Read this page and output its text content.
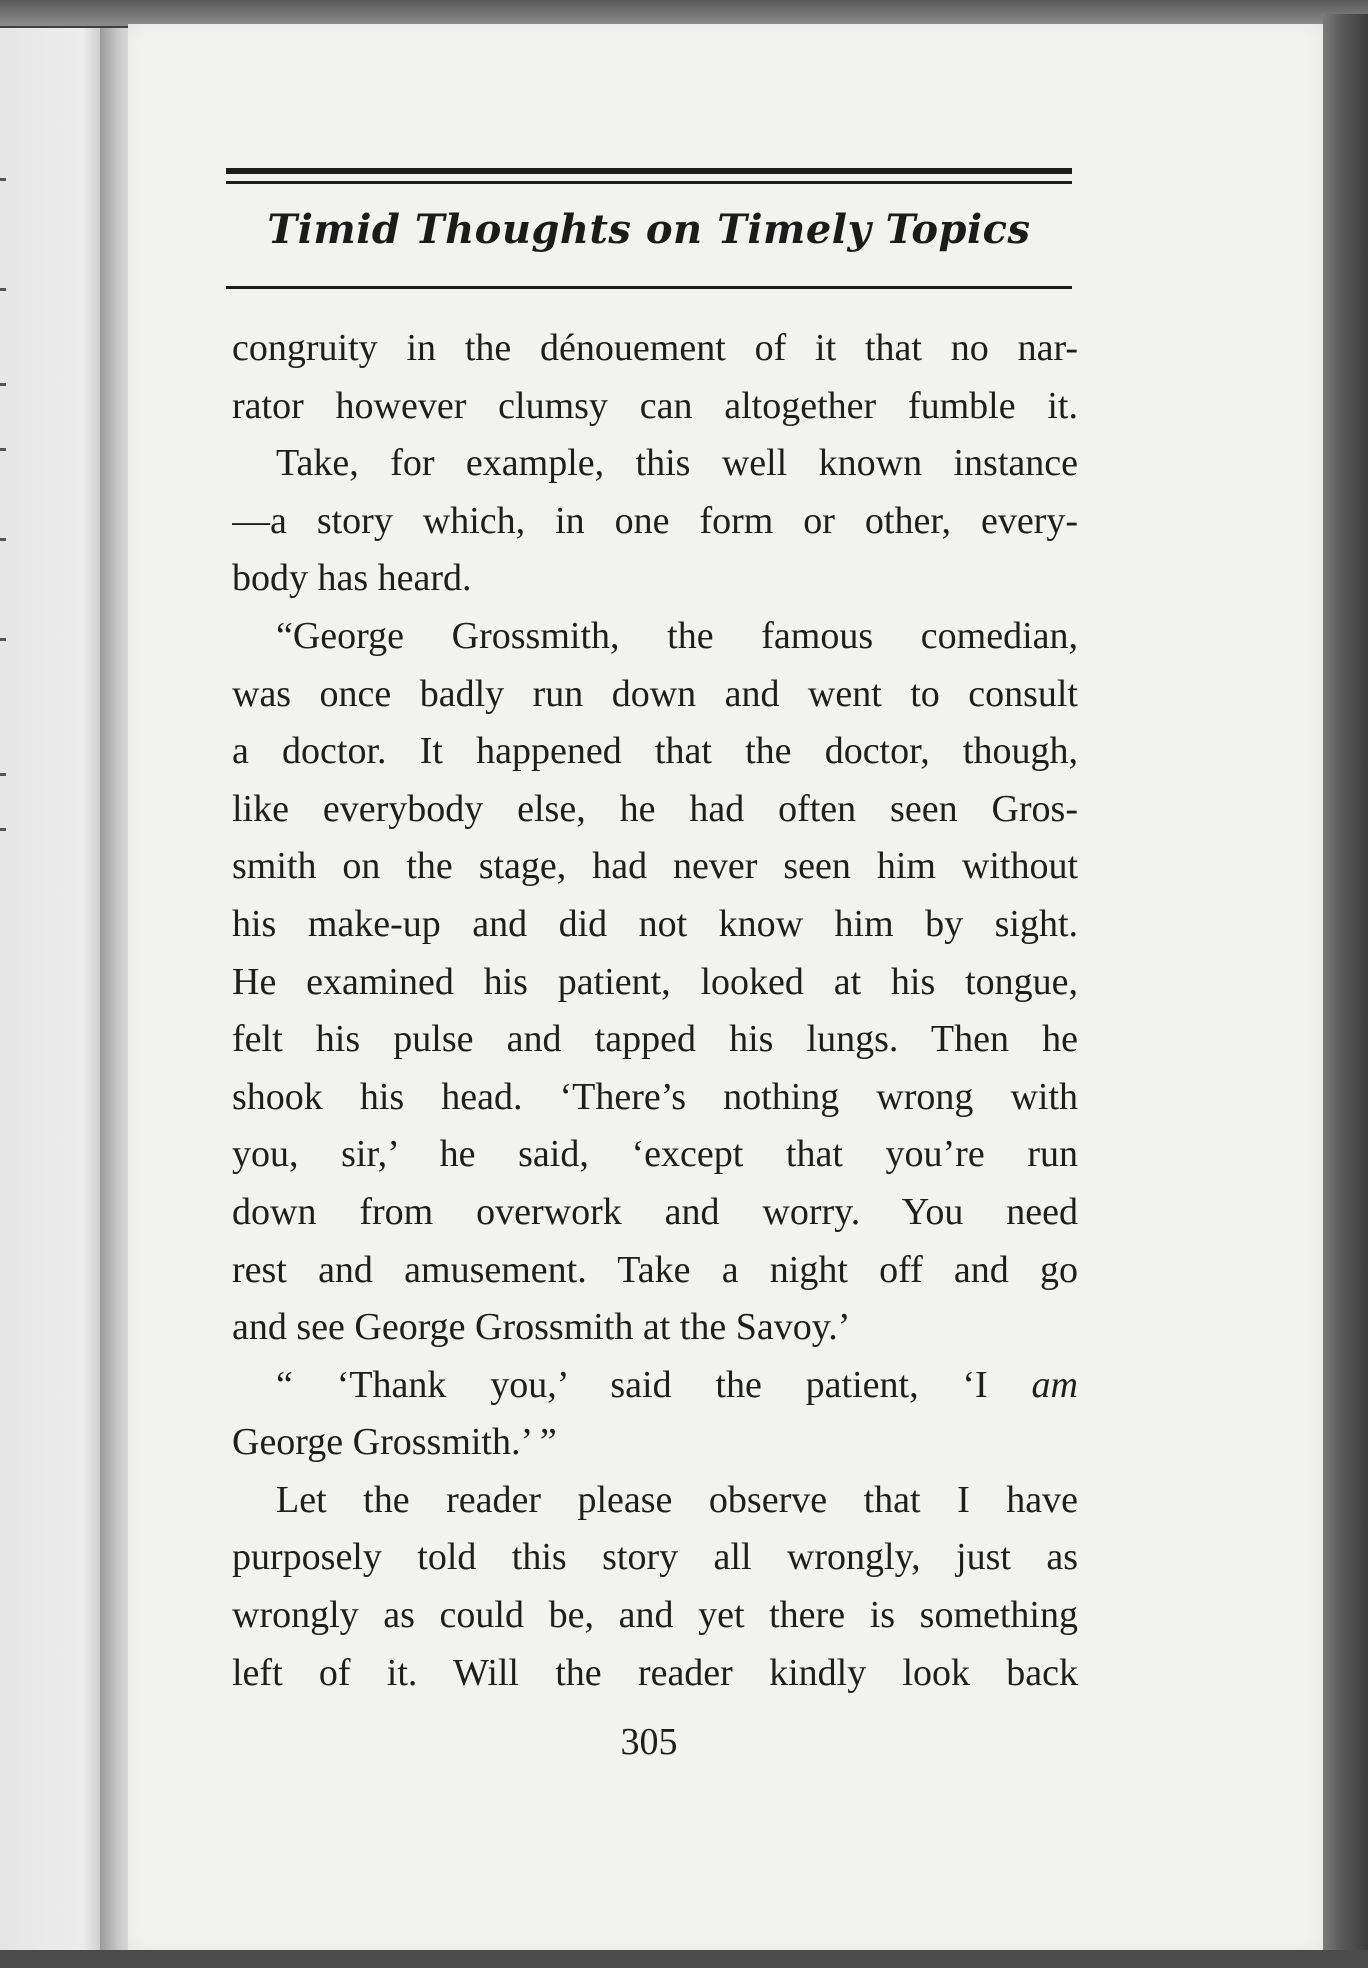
Timid Thoughts on Timely Topics
congruity in the dénouement of it that no nar-
rator however clumsy can altogether fumble it.
Take, for example, this well known instance
—a story which, in one form or other, every-
body has heard.
“George Grossmith, the famous comedian,
was once badly run down and went to consult
a doctor. It happened that the doctor, though,
like everybody else, he had often seen Gros-
smith on the stage, had never seen him without
his make-up and did not know him by sight.
He examined his patient, looked at his tongue,
felt his pulse and tapped his lungs. Then he
shook his head. ‘There’s nothing wrong with
you, sir,’ he said, ‘except that you’re run
down from overwork and worry. You need
rest and amusement. Take a night off and go
and see George Grossmith at the Savoy.’
“ ‘Thank you,’ said the patient, ‘I am
George Grossmith.’ ”
Let the reader please observe that I have
purposely told this story all wrongly, just as
wrongly as could be, and yet there is something
left of it. Will the reader kindly look back
305
